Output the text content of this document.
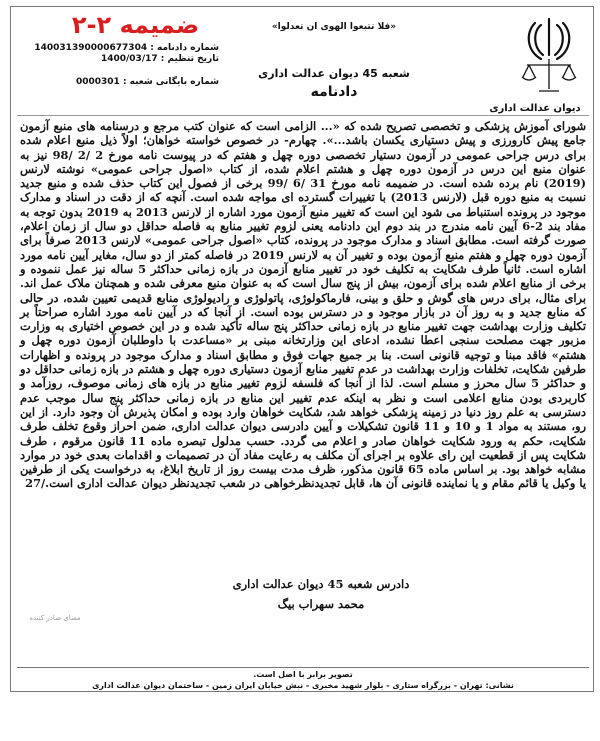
ضمیمه ۲-۲
شماره دادنامه : 140031390000677304
تاریخ تنظیم : 1400/03/17
شماره بایگانی شعبه : 0000301
«فلا تتبعوا الهوی ان تعدلوا»
شعبه 45 دیوان عدالت اداری
دادنامه
دیوان عدالت اداری
شورای آموزش پزشکی و تخصصی تصریح شده که «... الزامی است که عنوان کتب مرجع و درسنامه های منبع آزمون جامع پیش کارورزی و پیش دستیاری یکسان باشد...». چهارم- در خصوص خواسته خواهان؛ اولاً ذیل منبع اعلام شده برای درس جراحی عمومی در آزمون دستیار تخصصی دوره چهل و هفتم که در پیوست نامه مورخ 2 /2 /98 نیز به عنوان منبع این درس در آزمون دوره چهل و هشتم اعلام شده، از کتاب «اصول جراحی عمومی» نوشته لارنس (2019) نام برده شده است. در ضمیمه نامه مورخ 31 /6 /99 برخی از فصول این کتاب حذف شده و منبع جدید نسبت به منبع دوره قبل (لارنس 2013) با تغییرات گسترده ای مواجه شده است. آنچه که از دقت در اسناد و مدارک موجود در پرونده استنباط می شود این است که تغییر منبع آزمون مورد اشاره از لارنس 2013 به 2019 بدون توجه به مفاد بند 2-6 آیین نامه مندرج در بند دوم این دادنامه یعنی لزوم تغییر منابع به فاصله حداقل دو سال از زمان اعلام، صورت گرفته است. مطابق اسناد و مدارک موجود در پرونده، کتاب «اصول جراحی عمومی» لارنس 2013 صرفاً برای آزمون دوره چهل و هفتم منبع آزمون بوده و تغییر آن به لارنس 2019 در فاصله کمتر از دو سال، مغایر آیین نامه مورد اشاره است. ثانیاً طرف شکایت به تکلیف خود در تغییر منابع آزمون در بازه زمانی حداکثر 5 ساله نیز عمل ننموده و برخی از منابع اعلام شده برای آزمون، بیش از پنج سال است که به عنوان منبع معرفی شده و همچنان ملاک عمل اند. برای مثال، برای درس های گوش و حلق و بینی، فارماکولوژی، پاتولوژی و رادیولوژی منابع قدیمی تعیین شده، در حالی که منابع جدید و به روز آن در بازار موجود و در دسترس بوده است. از آنجا که در آیین نامه مورد اشاره صراحتاً بر تکلیف وزارت بهداشت جهت تغییر منابع در بازه زمانی حداکثر پنج ساله تأکید شده و در این خصوص اختیاری به وزارت مزبور جهت مصلحت سنجی اعطا نشده، ادعای این وزارتخانه مبنی بر «مساعدت با داوطلبان آزمون دوره چهل و هشتم» فاقد مبنا و توجیه قانونی است. بنا بر جمیع جهات فوق و مطابق اسناد و مدارک موجود در پرونده و اظهارات طرفین شکایت، تخلفات وزارت بهداشت در عدم تغییر منابع آزمون دستیاری دوره چهل و هشتم در بازه زمانی حداقل دو و حداکثر 5 سال محرز و مسلم است. لذا از آنجا که فلسفه لزوم تغییر منابع در بازه های زمانی موصوف، روزآمد و کاربردی بودن منابع اعلامی است و نظر به اینکه عدم تغییر این منابع در بازه زمانی حداکثر پنج سال موجب عدم دسترسی به علم روز دنیا در زمینه پزشکی خواهد شد، شکایت خواهان وارد بوده و امکان پذیرش آن وجود دارد. از این رو، مستند به مواد 1 و 10 و 11 قانون تشکیلات و آیین دادرسی دیوان عدالت اداری، ضمن احراز وقوع تخلف طرف شکایت، حکم به ورود شکایت خواهان صادر و اعلام می گردد. حسب مدلول تبصره ماده 11 قانون مرقوم ، طرف شکایت پس از قطعیت این رای علاوه بر اجرای آن مکلف به رعایت مفاد آن در تصمیمات و اقدامات بعدی خود در موارد مشابه خواهد بود. بر اساس ماده 65 قانون مذکور، ظرف مدت بیست روز از تاریخ ابلاغ، به درخواست یکی از طرفین یا وکیل یا قائم مقام و یا نماینده قانونی آن ها، قابل تجدیدنظرخواهی در شعب تجدیدنظر دیوان عدالت اداری است./27
دادرس شعبه 45 دیوان عدالت اداری
محمد سهراب بیگ
مضای صادر کننده
تصویر برابر با اصل است.
نشانی: تهران - بزرگراه ستاری - بلوار شهید مخبری - نبش خیابان ایران زمین - ساختمان دیوان عدالت اداری
